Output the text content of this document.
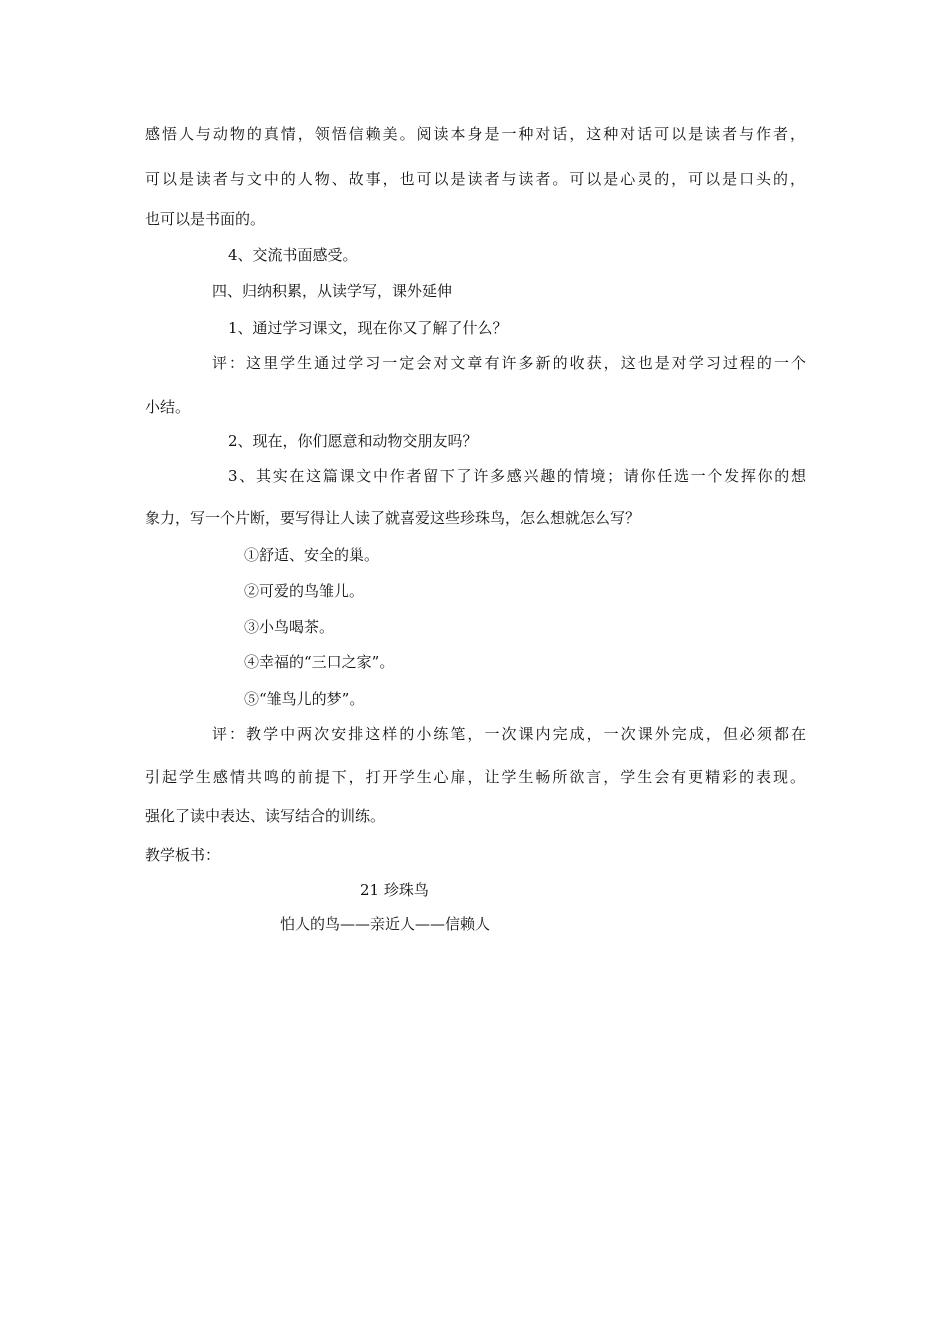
感悟人与动物的真情，领悟信赖美。阅读本身是一种对话，这种对话可以是读者与作者，
可以是读者与文中的人物、故事，也可以是读者与读者。可以是心灵的，可以是口头的，
也可以是书面的。
4、交流书面感受。
四、归纳积累，从读学写，课外延伸
1、通过学习课文，现在你又了解了什么？
评：这里学生通过学习一定会对文章有许多新的收获，这也是对学习过程的一个
小结。
2、现在，你们愿意和动物交朋友吗？
3、其实在这篇课文中作者留下了许多感兴趣的情境；请你任选一个发挥你的想
象力，写一个片断，要写得让人读了就喜爱这些珍珠鸟，怎么想就怎么写？
①舒适、安全的巢。
②可爱的鸟雏儿。
③小鸟喝茶。
④幸福的“三口之家”。
⑤“雏鸟儿的梦”。
评：教学中两次安排这样的小练笔，一次课内完成，一次课外完成，但必须都在
引起学生感情共鸣的前提下，打开学生心扉，让学生畅所欲言，学生会有更精彩的表现。
强化了读中表达、读写结合的训练。
教学板书：
21 珍珠鸟
怕人的鸟——亲近人——信赖人
